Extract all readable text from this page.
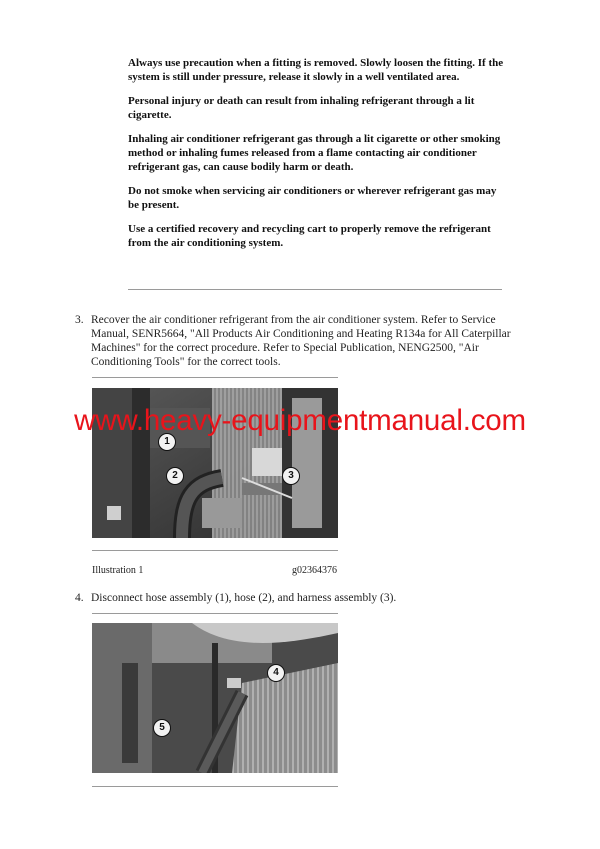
Always use precaution when a fitting is removed. Slowly loosen the fitting. If the system is still under pressure, release it slowly in a well ventilated area.

Personal injury or death can result from inhaling refrigerant through a lit cigarette.

Inhaling air conditioner refrigerant gas through a lit cigarette or other smoking method or inhaling fumes released from a flame contacting air conditioner refrigerant gas, can cause bodily harm or death.

Do not smoke when servicing air conditioners or wherever refrigerant gas may be present.

Use a certified recovery and recycling cart to properly remove the refrigerant from the air conditioning system.

3. Recover the air conditioner refrigerant from the air conditioner system. Refer to Service Manual, SENR5664, "All Products Air Conditioning and Heating R134a for All Caterpillar Machines" for the correct procedure. Refer to Special Publication, NENG2500, "Air Conditioning Tools" for the correct tools.
1
2	3
Illustration 1	g02364376
4. Disconnect hose assembly (1), hose (2), and harness assembly (3).
4
5
www.heavy-equipmentmanual.com
